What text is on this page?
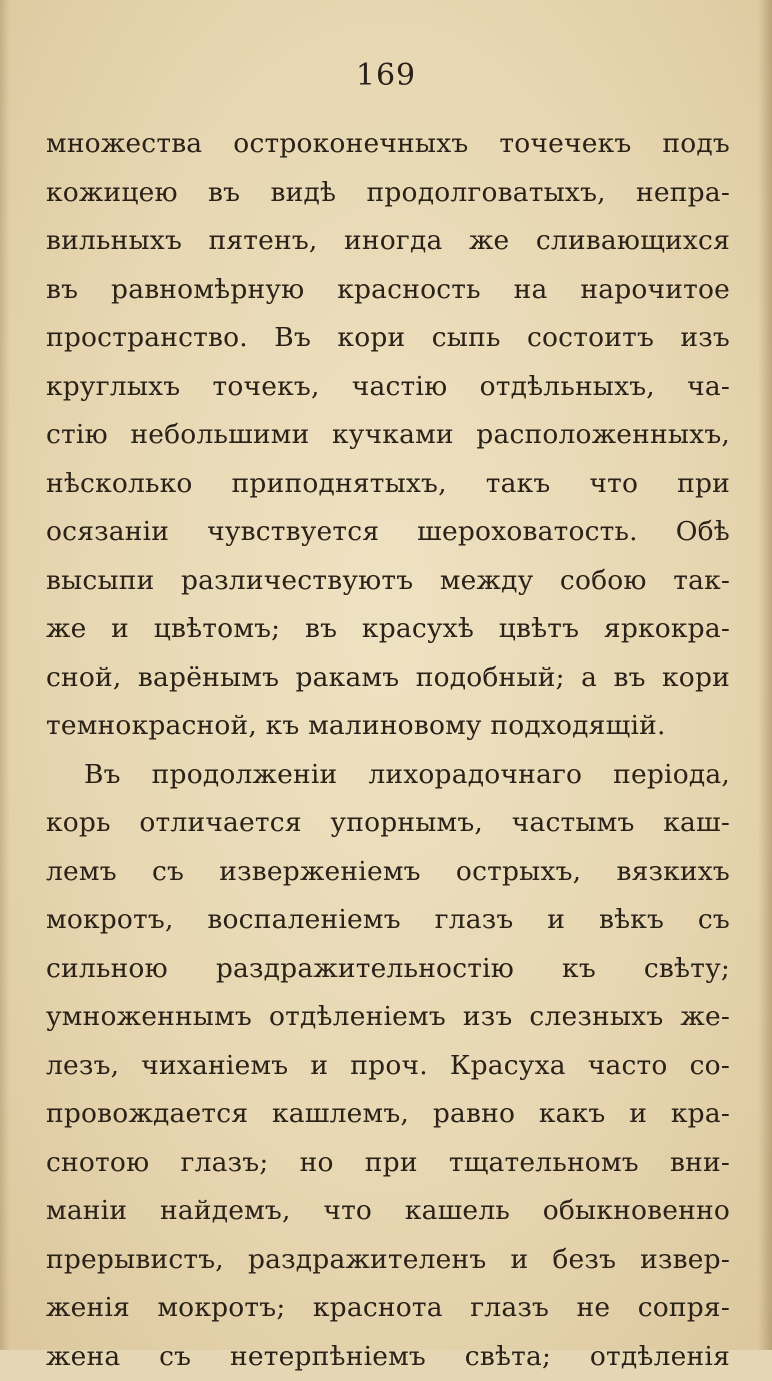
169
множества остроконечныхъ точечекъ подъ
кожицею въ видѣ продолговатыхъ, непра-
вильныхъ пятенъ, иногда же сливающихся
въ равномѣрную красность на нарочитое
пространство. Въ кори сыпь состоитъ изъ
круглыхъ точекъ, частію отдѣльныхъ, ча-
стію небольшими кучками расположенныхъ,
нѣсколько приподнятыхъ, такъ что при
осязаніи чувствуется шероховатость. Обѣ
высыпи различествуютъ между собою так-
же и цвѣтомъ; въ красухѣ цвѣтъ яркокра-
сной, варёнымъ ракамъ подобный; а въ кори
темнокрасной, къ малиновому подходящій.
Въ продолженіи лихорадочнаго періода,
корь отличается упорнымъ, частымъ каш-
лемъ съ изверженіемъ острыхъ, вязкихъ
мокротъ, воспаленіемъ глазъ и вѣкъ съ
сильною раздражительностію къ свѣту;
умноженнымъ отдѣленіемъ изъ слезныхъ же-
лезъ, чиханіемъ и проч. Красуха часто со-
провождается кашлемъ, равно какъ и кра-
снотою глазъ; но при тщательномъ вни-
маніи найдемъ, что кашель обыкновенно
прерывистъ, раздражителенъ и безъ извер-
женія мокротъ; краснота глазъ не сопря-
жена съ нетерпѣніемъ свѣта; отдѣленія
